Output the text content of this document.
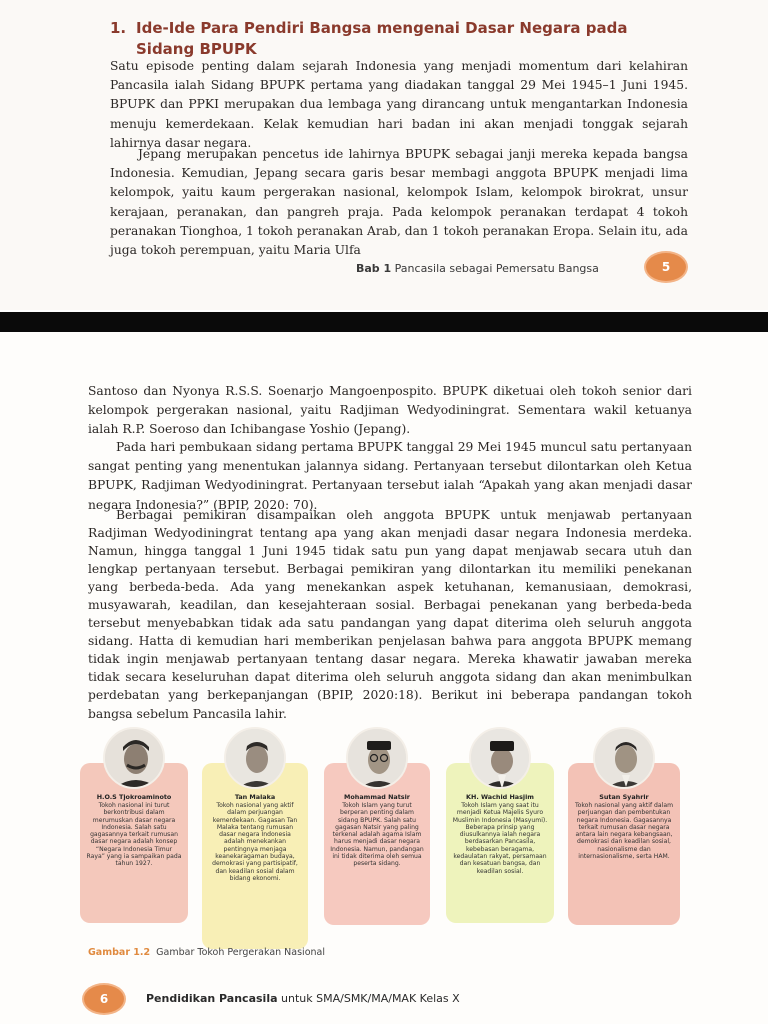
1. Ide-Ide Para Pendiri Bangsa mengenai Dasar Negara pada Sidang BPUPK

Satu episode penting dalam sejarah Indonesia yang menjadi momentum dari kelahiran Pancasila ialah Sidang BPUPK pertama yang diadakan tanggal 29 Mei 1945–1 Juni 1945. BPUPK dan PPKI merupakan dua lembaga yang dirancang untuk mengantarkan Indonesia menuju kemerdekaan. Kelak kemudian hari badan ini akan menjadi tonggak sejarah lahirnya dasar negara.

Jepang merupakan pencetus ide lahirnya BPUPK sebagai janji mereka kepada bangsa Indonesia. Kemudian, Jepang secara garis besar membagi anggota BPUPK menjadi lima kelompok, yaitu kaum pergerakan nasional, kelompok Islam, kelompok birokrat, unsur kerajaan, peranakan, dan pangreh praja. Pada kelompok peranakan terdapat 4 tokoh peranakan Tionghoa, 1 tokoh peranakan Arab, dan 1 tokoh peranakan Eropa. Selain itu, ada juga tokoh perempuan, yaitu Maria Ulfa

Bab 1 Pancasila sebagai Pemersatu Bangsa	5

Santoso dan Nyonya R.S.S. Soenarjo Mangoenpospito. BPUPK diketuai oleh tokoh senior dari kelompok pergerakan nasional, yaitu Radjiman Wedyodiningrat. Sementara wakil ketuanya ialah R.P. Soeroso dan Ichibangase Yoshio (Jepang).

Pada hari pembukaan sidang pertama BPUPK tanggal 29 Mei 1945 muncul satu pertanyaan sangat penting yang menentukan jalannya sidang. Pertanyaan tersebut dilontarkan oleh Ketua BPUPK, Radjiman Wedyodiningrat. Pertanyaan tersebut ialah “Apakah yang akan menjadi dasar negara Indonesia?” (BPIP, 2020: 70).

Berbagai pemikiran disampaikan oleh anggota BPUPK untuk menjawab pertanyaan Radjiman Wedyodiningrat tentang apa yang akan menjadi dasar negara Indonesia merdeka. Namun, hingga tanggal 1 Juni 1945 tidak satu pun yang dapat menjawab secara utuh dan lengkap pertanyaan tersebut. Berbagai pemikiran yang dilontarkan itu memiliki penekanan yang berbeda-beda. Ada yang menekankan aspek ketuhanan, kemanusiaan, demokrasi, musyawarah, keadilan, dan kesejahteraan sosial. Berbagai penekanan yang berbeda-beda tersebut menyebabkan tidak ada satu pandangan yang dapat diterima oleh seluruh anggota sidang. Hatta di kemudian hari memberikan penjelasan bahwa para anggota BPUPK memang tidak ingin menjawab pertanyaan tentang dasar negara. Mereka khawatir jawaban mereka tidak secara keseluruhan dapat diterima oleh seluruh anggota sidang dan akan menimbulkan perdebatan yang berkepanjangan (BPIP, 2020:18). Berikut ini beberapa pandangan tokoh bangsa sebelum Pancasila lahir.

H.O.S Tjokroaminoto
Tokoh nasional ini turut berkontribusi dalam merumuskan dasar negara Indonesia. Salah satu gagasannya terkait rumusan dasar negara adalah konsep “Negara Indonesia Timur Raya” yang ia sampaikan pada tahun 1927.
Tan Malaka
Tokoh nasional yang aktif dalam perjuangan kemerdekaan. Gagasan Tan Malaka tentang rumusan dasar negara Indonesia adalah menekankan pentingnya menjaga keanekaragaman budaya, demokrasi yang partisipatif, dan keadilan sosial dalam bidang ekonomi.
Mohammad Natsir
Tokoh Islam yang turut berperan penting dalam sidang BPUPK. Salah satu gagasan Natsir yang paling terkenal adalah agama Islam harus menjadi dasar negara Indonesia. Namun, pandangan ini tidak diterima oleh semua peserta sidang.
KH. Wachid Hasjim
Tokoh Islam yang saat itu menjadi Ketua Majelis Syuro Muslimin Indonesia (Masyumi). Beberapa prinsip yang diusulkannya ialah negara berdasarkan Pancasila, kebebasan beragama, kedaulatan rakyat, persamaan dan kesatuan bangsa, dan keadilan sosial.
Sutan Syahrir
Tokoh nasional yang aktif dalam perjuangan dan pembentukan negara Indonesia. Gagasannya terkait rumusan dasar negara antara lain negara kebangsaan, demokrasi dan keadilan sosial, nasionalisme dan internasionalisme, serta HAM.
Gambar 1.2 Gambar Tokoh Pergerakan Nasional
6	Pendidikan Pancasila untuk SMA/SMK/MA/MAK Kelas X
